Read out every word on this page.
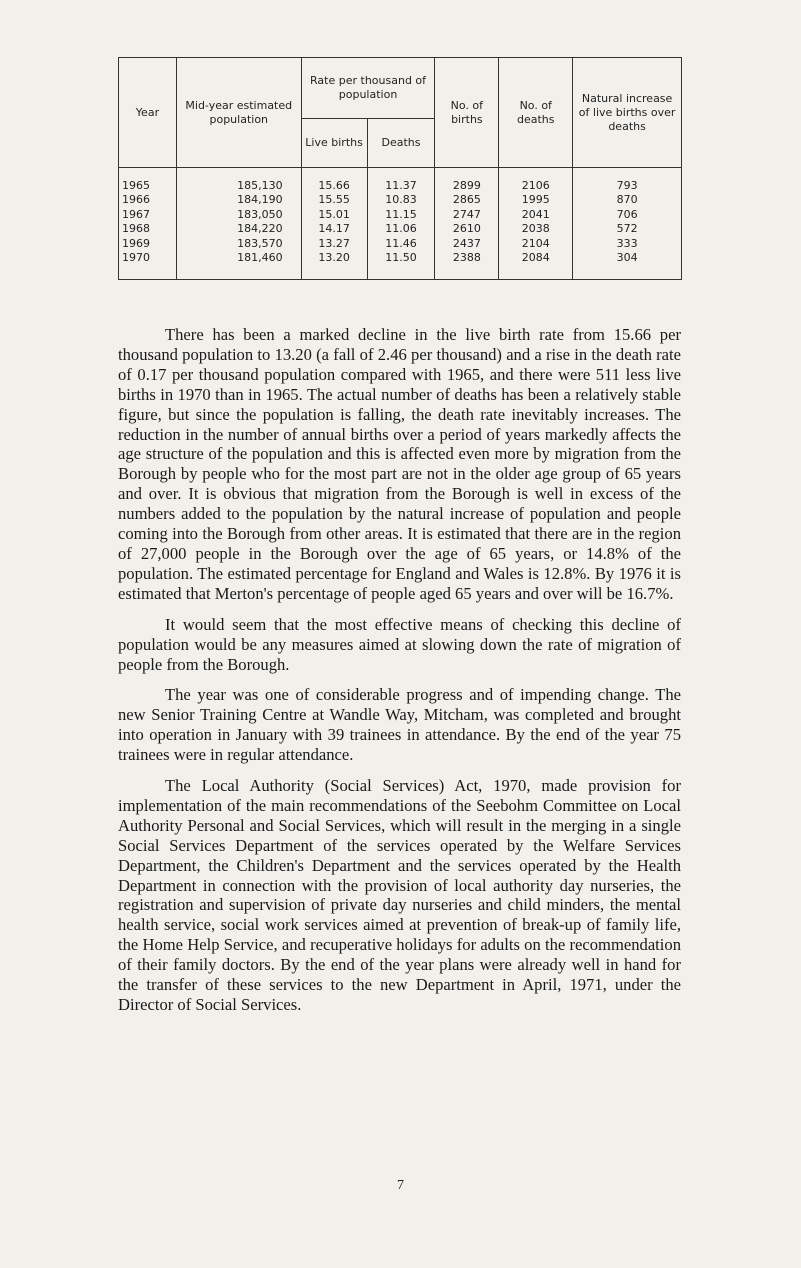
Year	Mid-year estimated population	Rate per thousand of population		No. of births	No. of deaths	Natural increase of live births over deaths
		Live births	Deaths			
1965	185,130	15.66	11.37	2899	2106	793
1966	184,190	15.55	10.83	2865	1995	870
1967	183,050	15.01	11.15	2747	2041	706
1968	184,220	14.17	11.06	2610	2038	572
1969	183,570	13.27	11.46	2437	2104	333
1970	181,460	13.20	11.50	2388	2084	304

There has been a marked decline in the live birth rate from 15.66 per thousand population to 13.20 (a fall of 2.46 per thousand) and a rise in the death rate of 0.17 per thousand population compared with 1965, and there were 511 less live births in 1970 than in 1965. The actual number of deaths has been a relatively stable figure, but since the population is falling, the death rate inevitably increases. The reduction in the number of annual births over a period of years markedly affects the age structure of the population and this is affected even more by migration from the Borough by people who for the most part are not in the older age group of 65 years and over. It is obvious that migration from the Borough is well in excess of the numbers added to the population by the natural increase of population and people coming into the Borough from other areas. It is estimated that there are in the region of 27,000 people in the Borough over the age of 65 years, or 14.8% of the population. The estimated percentage for England and Wales is 12.8%. By 1976 it is estimated that Merton's percentage of people aged 65 years and over will be 16.7%.

It would seem that the most effective means of checking this decline of population would be any measures aimed at slowing down the rate of migration of people from the Borough.

The year was one of considerable progress and of impending change. The new Senior Training Centre at Wandle Way, Mitcham, was completed and brought into operation in January with 39 trainees in attendance. By the end of the year 75 trainees were in regular attendance.

The Local Authority (Social Services) Act, 1970, made provision for implementation of the main recommendations of the Seebohm Committee on Local Authority Personal and Social Services, which will result in the merging in a single Social Services Department of the services operated by the Welfare Services Department, the Children's Department and the services operated by the Health Department in connection with the provision of local authority day nurseries, the registration and supervision of private day nurseries and child minders, the mental health service, social work services aimed at prevention of break-up of family life, the Home Help Service, and recuperative holidays for adults on the recommendation of their family doctors. By the end of the year plans were already well in hand for the transfer of these services to the new Department in April, 1971, under the Director of Social Services.

7
